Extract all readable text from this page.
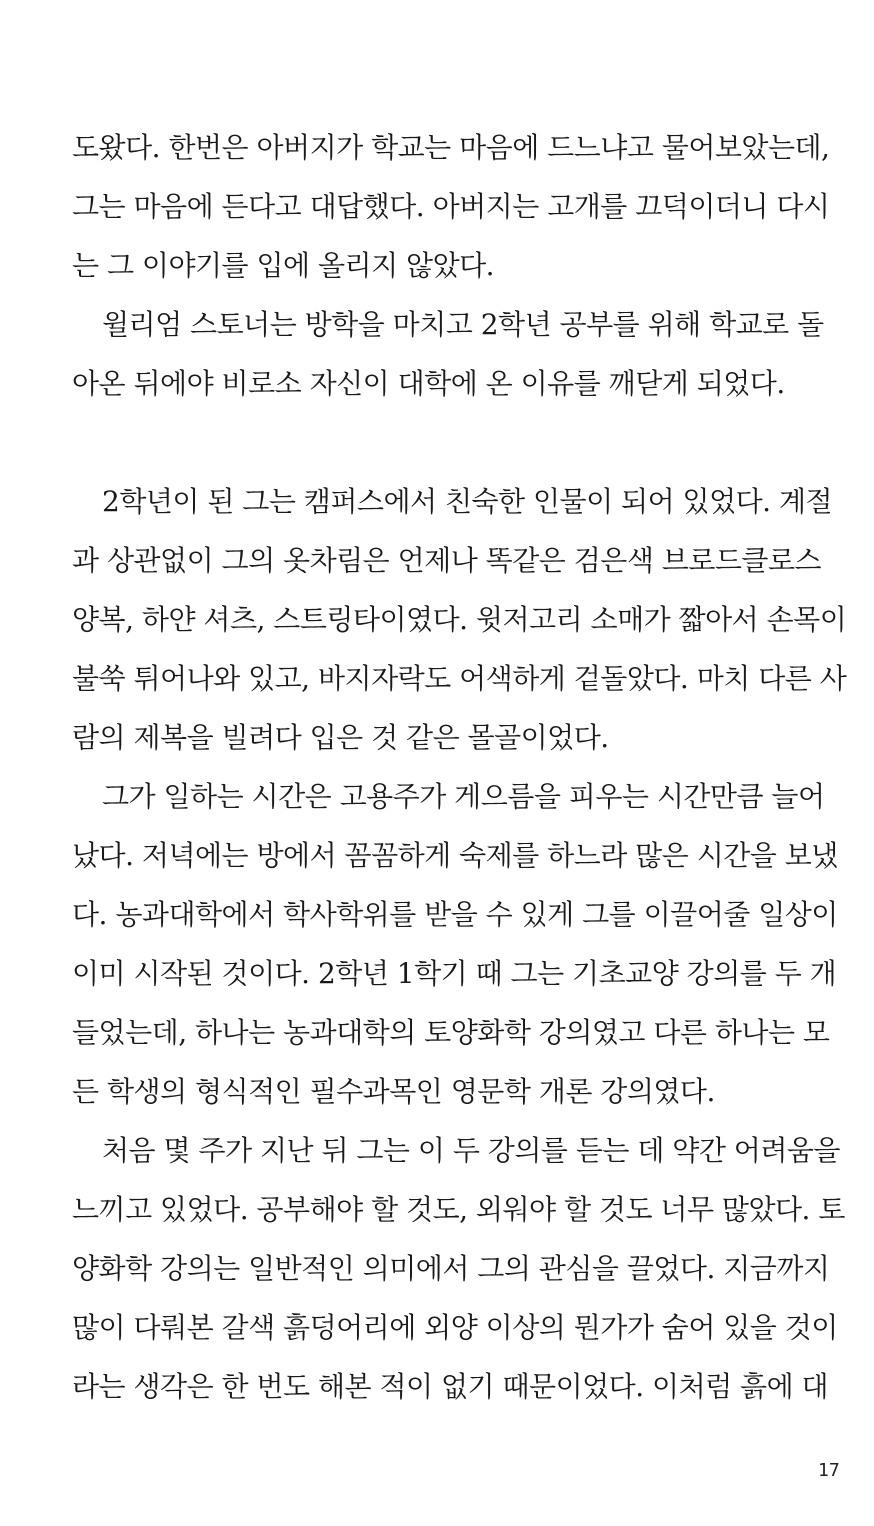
도왔다. 한번은 아버지가 학교는 마음에 드느냐고 물어보았는데,
그는 마음에 든다고 대답했다. 아버지는 고개를 끄덕이더니 다시
는 그 이야기를 입에 올리지 않았다.
윌리엄 스토너는 방학을 마치고 2학년 공부를 위해 학교로 돌
아온 뒤에야 비로소 자신이 대학에 온 이유를 깨닫게 되었다.
2학년이 된 그는 캠퍼스에서 친숙한 인물이 되어 있었다. 계절
과 상관없이 그의 옷차림은 언제나 똑같은 검은색 브로드클로스
양복, 하얀 셔츠, 스트링타이였다. 윗저고리 소매가 짧아서 손목이
불쑥 튀어나와 있고, 바지자락도 어색하게 겉돌았다. 마치 다른 사
람의 제복을 빌려다 입은 것 같은 몰골이었다.
그가 일하는 시간은 고용주가 게으름을 피우는 시간만큼 늘어
났다. 저녁에는 방에서 꼼꼼하게 숙제를 하느라 많은 시간을 보냈
다. 농과대학에서 학사학위를 받을 수 있게 그를 이끌어줄 일상이
이미 시작된 것이다. 2학년 1학기 때 그는 기초교양 강의를 두 개
들었는데, 하나는 농과대학의 토양화학 강의였고 다른 하나는 모
든 학생의 형식적인 필수과목인 영문학 개론 강의였다.
처음 몇 주가 지난 뒤 그는 이 두 강의를 듣는 데 약간 어려움을
느끼고 있었다. 공부해야 할 것도, 외워야 할 것도 너무 많았다. 토
양화학 강의는 일반적인 의미에서 그의 관심을 끌었다. 지금까지
많이 다뤄본 갈색 흙덩어리에 외양 이상의 뭔가가 숨어 있을 것이
라는 생각은 한 번도 해본 적이 없기 때문이었다. 이처럼 흙에 대
17
